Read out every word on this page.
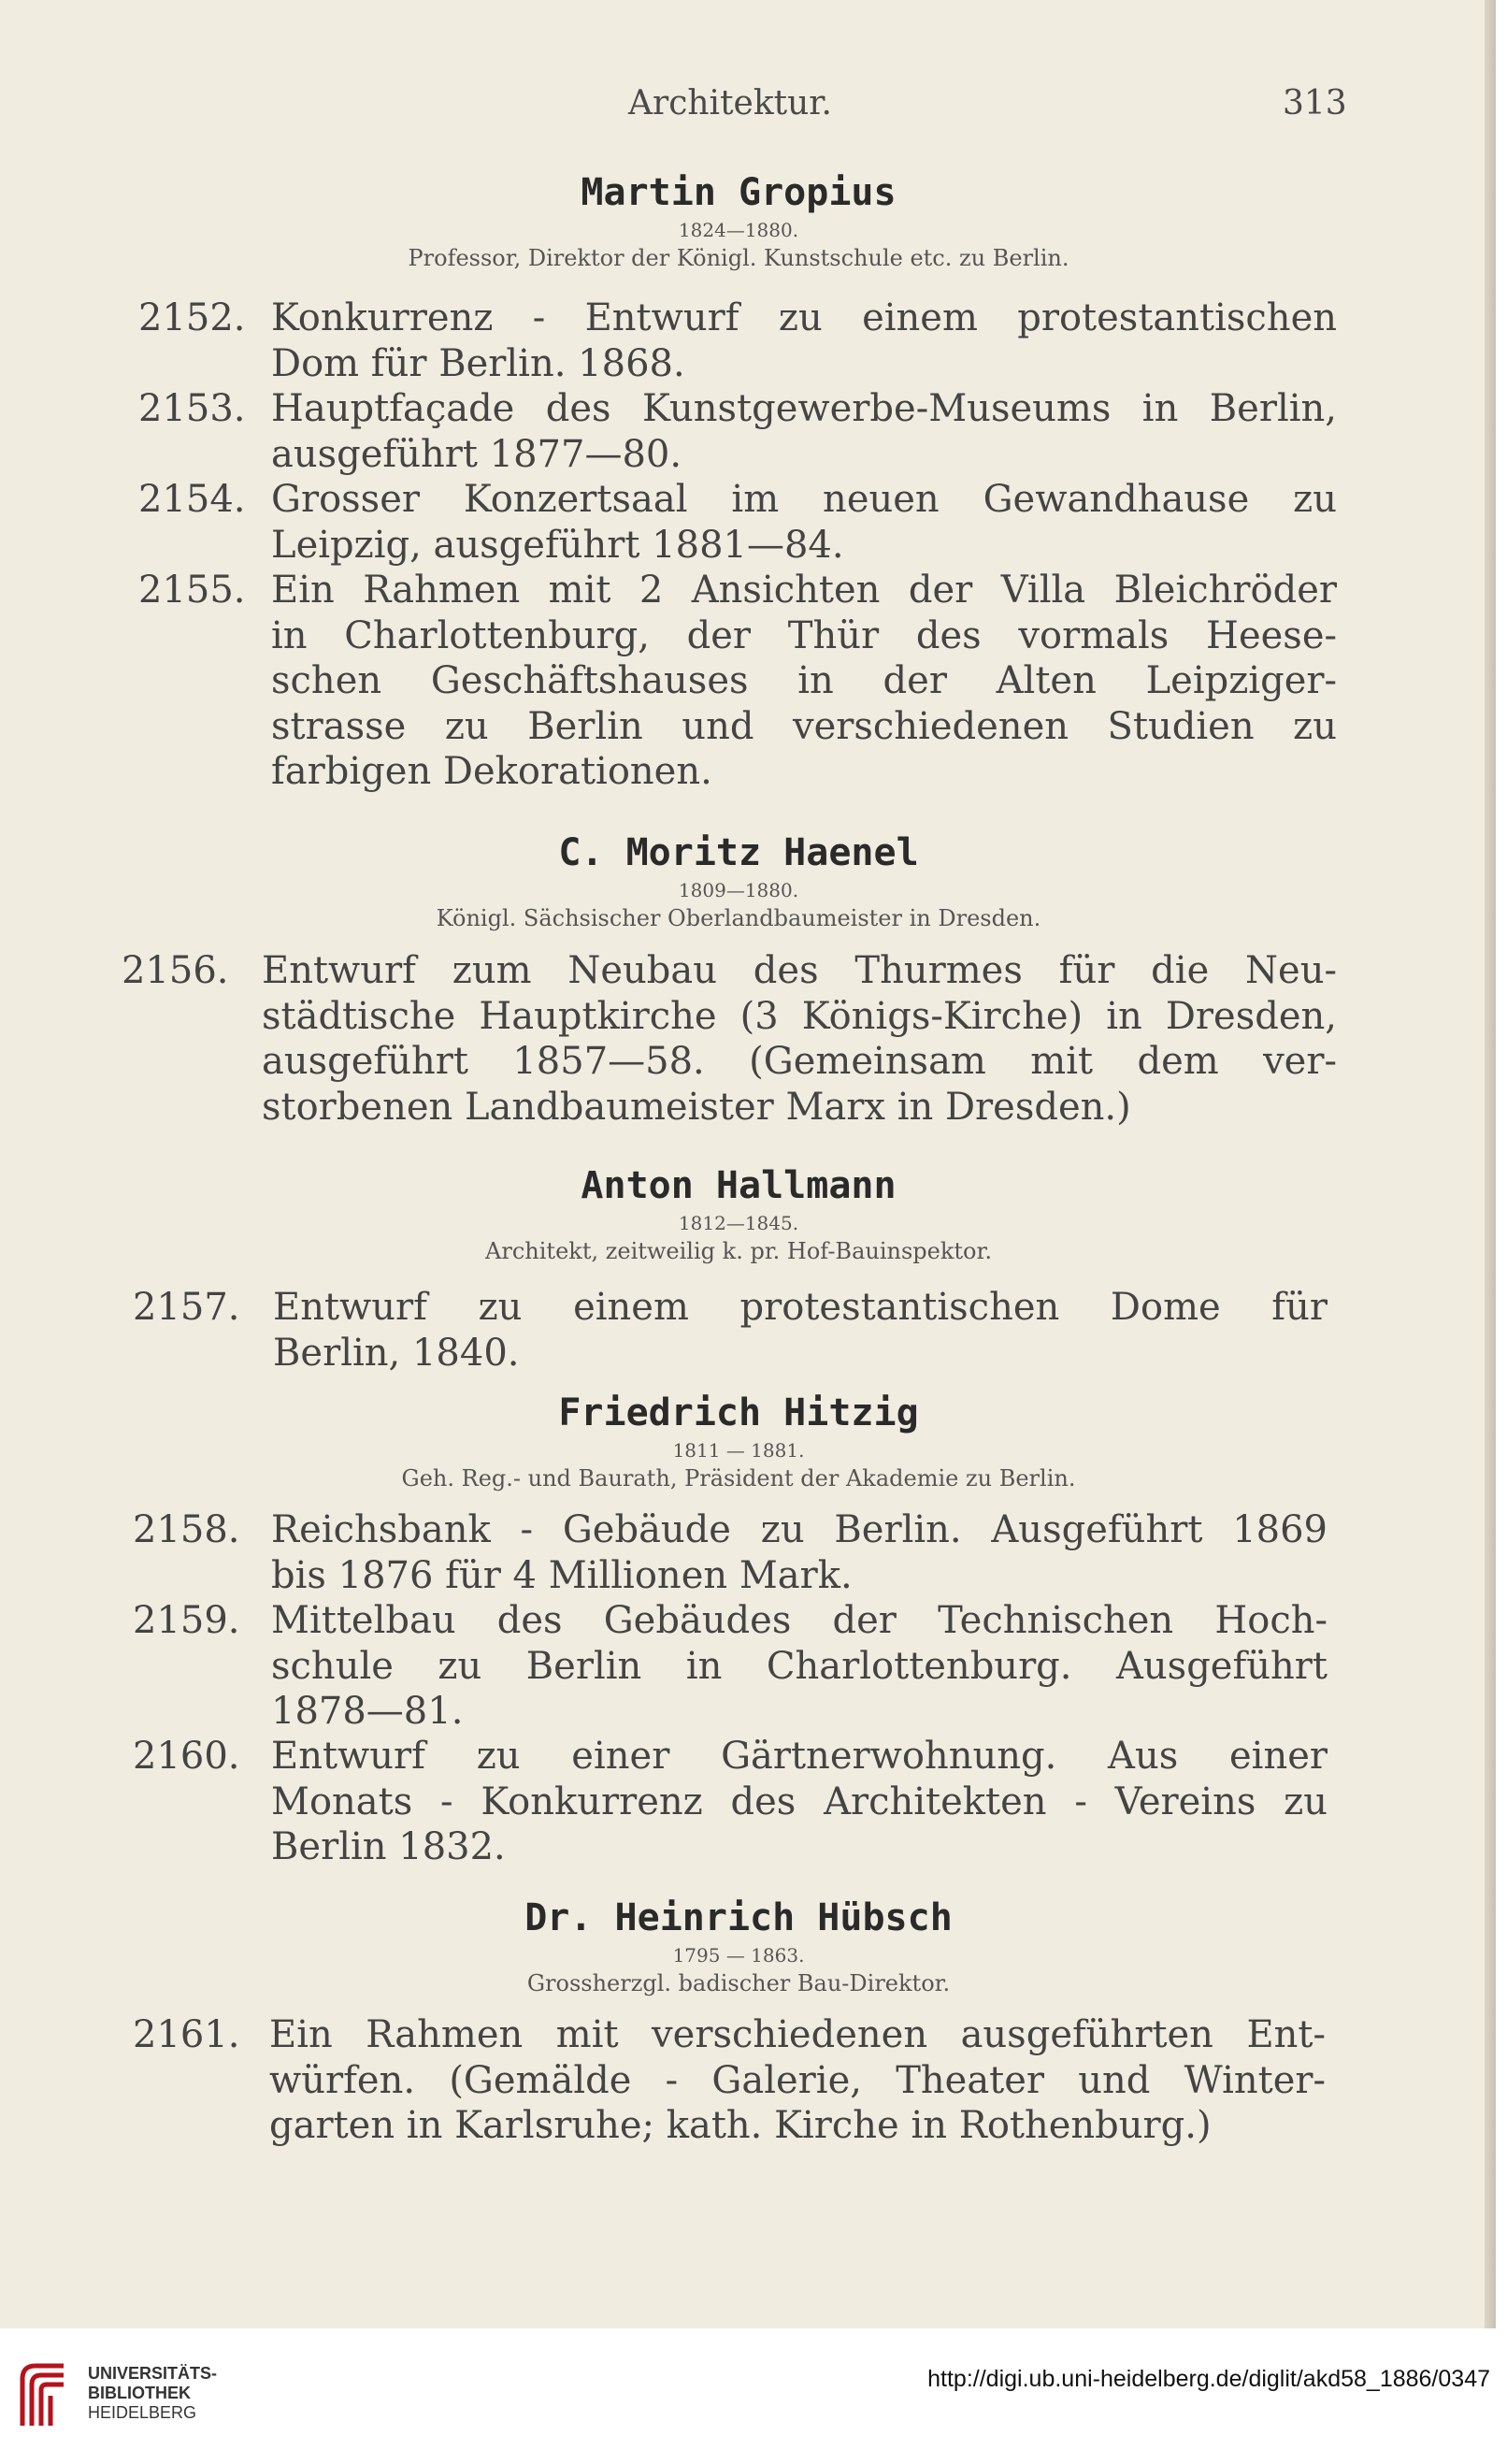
Architektur.	313
Martin Gropius
1824—1880.
Professor, Direktor der Königl. Kunstschule etc. zu Berlin.
2152. Konkurrenz - Entwurf zu einem protestantischen
Dom für Berlin. 1868.
2153. Hauptfaçade des Kunstgewerbe-Museums in Berlin,
ausgeführt 1877—80.
2154. Grosser Konzertsaal im neuen Gewandhause zu
Leipzig, ausgeführt 1881—84.
2155. Ein Rahmen mit 2 Ansichten der Villa Bleichröder
in Charlottenburg, der Thür des vormals Heese-
schen Geschäftshauses in der Alten Leipziger-
strasse zu Berlin und verschiedenen Studien zu
farbigen Dekorationen.
C. Moritz Haenel
1809—1880.
Königl. Sächsischer Oberlandbaumeister in Dresden.
2156. Entwurf zum Neubau des Thurmes für die Neu-
städtische Hauptkirche (3 Königs-Kirche) in Dresden,
ausgeführt 1857—58. (Gemeinsam mit dem ver-
storbenen Landbaumeister Marx in Dresden.)
Anton Hallmann
1812—1845.
Architekt, zeitweilig k. pr. Hof-Bauinspektor.
2157. Entwurf zu einem protestantischen Dome für
Berlin, 1840.
Friedrich Hitzig
1811 — 1881.
Geh. Reg.- und Baurath, Präsident der Akademie zu Berlin.
2158. Reichsbank - Gebäude zu Berlin. Ausgeführt 1869
bis 1876 für 4 Millionen Mark.
2159. Mittelbau des Gebäudes der Technischen Hoch-
schule zu Berlin in Charlottenburg. Ausgeführt
1878—81.
2160. Entwurf zu einer Gärtnerwohnung. Aus einer
Monats - Konkurrenz des Architekten - Vereins zu
Berlin 1832.
Dr. Heinrich Hübsch
1795 — 1863.
Grossherzgl. badischer Bau-Direktor.
2161. Ein Rahmen mit verschiedenen ausgeführten Ent-
würfen. (Gemälde - Galerie, Theater und Winter-
garten in Karlsruhe; kath. Kirche in Rothenburg.)
UNIVERSITÄTS-
BIBLIOTHEK
HEIDELBERG
http://digi.ub.uni-heidelberg.de/diglit/akd58_1886/0347
